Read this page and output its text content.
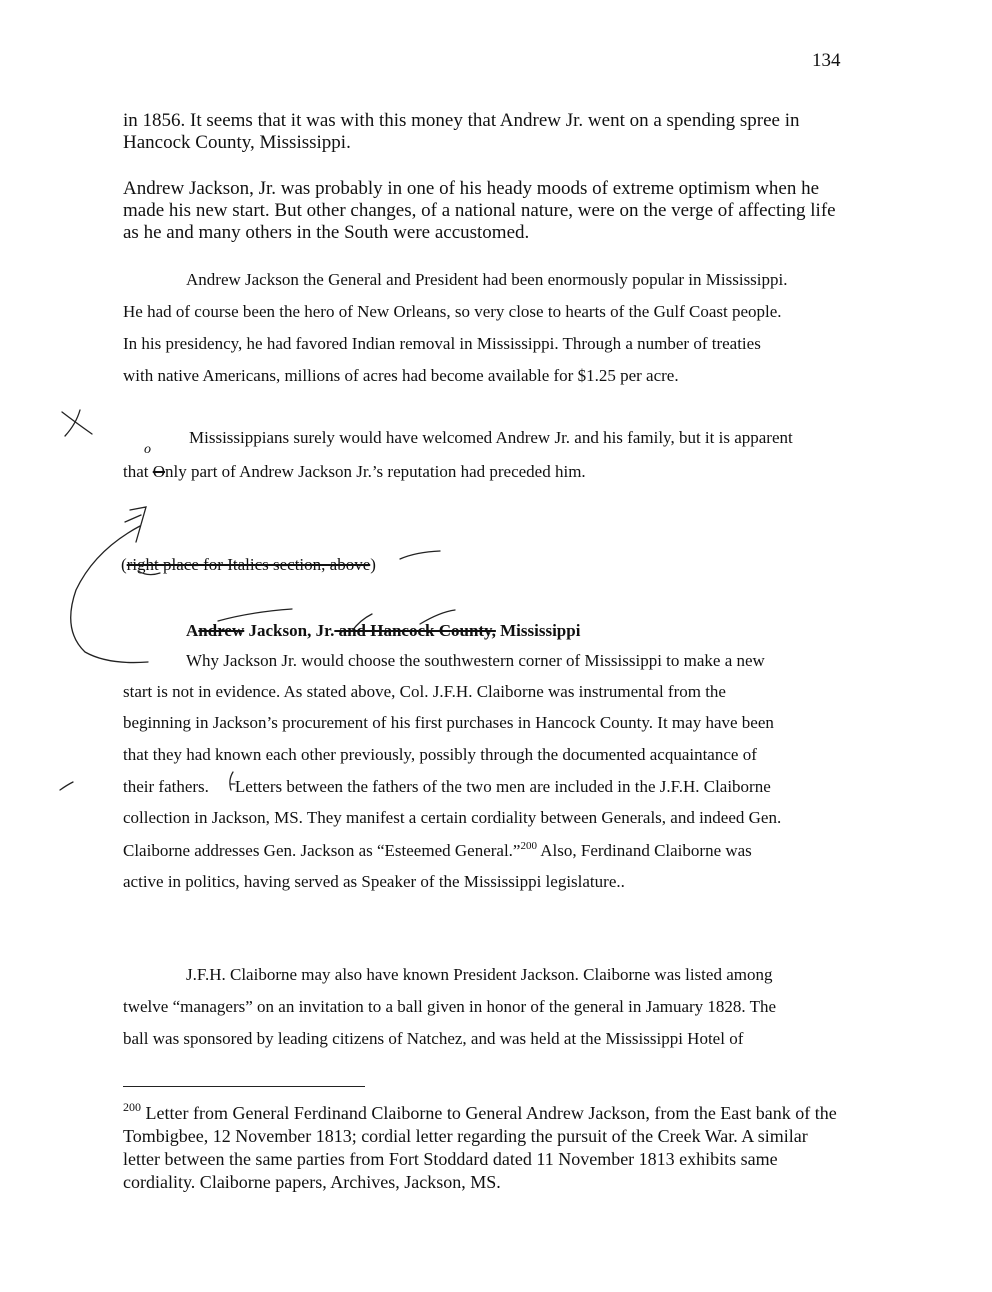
134

in 1856. It seems that it was with this money that Andrew Jr. went on a spending spree in Hancock County, Mississippi.

Andrew Jackson, Jr. was probably in one of his heady moods of extreme optimism when he made his new start. But other changes, of a national nature, were on the verge of affecting life as he and many others in the South were accustomed.

Andrew Jackson the General and President had been enormously popular in Mississippi.

He had of course been the hero of New Orleans, so very close to hearts of the Gulf Coast people.

In his presidency, he had favored Indian removal in Mississippi. Through a number of treaties

with native Americans, millions of acres had become available for $1.25 per acre.

Mississippians surely would have welcomed Andrew Jr. and his family, but it is apparent

that Only part of Andrew Jackson Jr.’s reputation had preceded him.

o

(right place for Italics section, above)

Andrew Jackson, Jr. and Hancock County, Mississippi

Why Jackson Jr. would choose the southwestern corner of Mississippi to make a new

start is not in evidence. As stated above, Col. J.F.H. Claiborne was instrumental from the

beginning in Jackson’s procurement of his first purchases in Hancock County. It may have been

that they had known each other previously, possibly through the documented acquaintance of

their fathers. Letters between the fathers of the two men are included in the J.F.H. Claiborne

collection in Jackson, MS. They manifest a certain cordiality between Generals, and indeed Gen.

Claiborne addresses Gen. Jackson as “Esteemed General.”$^{200}$ Also, Ferdinand Claiborne was

active in politics, having served as Speaker of the Mississippi legislature..

J.F.H. Claiborne may also have known President Jackson. Claiborne was listed among

twelve “managers” on an invitation to a ball given in honor of the general in Jamuary 1828. The

ball was sponsored by leading citizens of Natchez, and was held at the Mississippi Hotel of

$^{200}$ Letter from General Ferdinand Claiborne to General Andrew Jackson, from the East bank of the Tombigbee, 12 November 1813; cordial letter regarding the pursuit of the Creek War. A similar letter between the same parties from Fort Stoddard dated 11 November 1813 exhibits same cordiality. Claiborne papers, Archives, Jackson, MS.
